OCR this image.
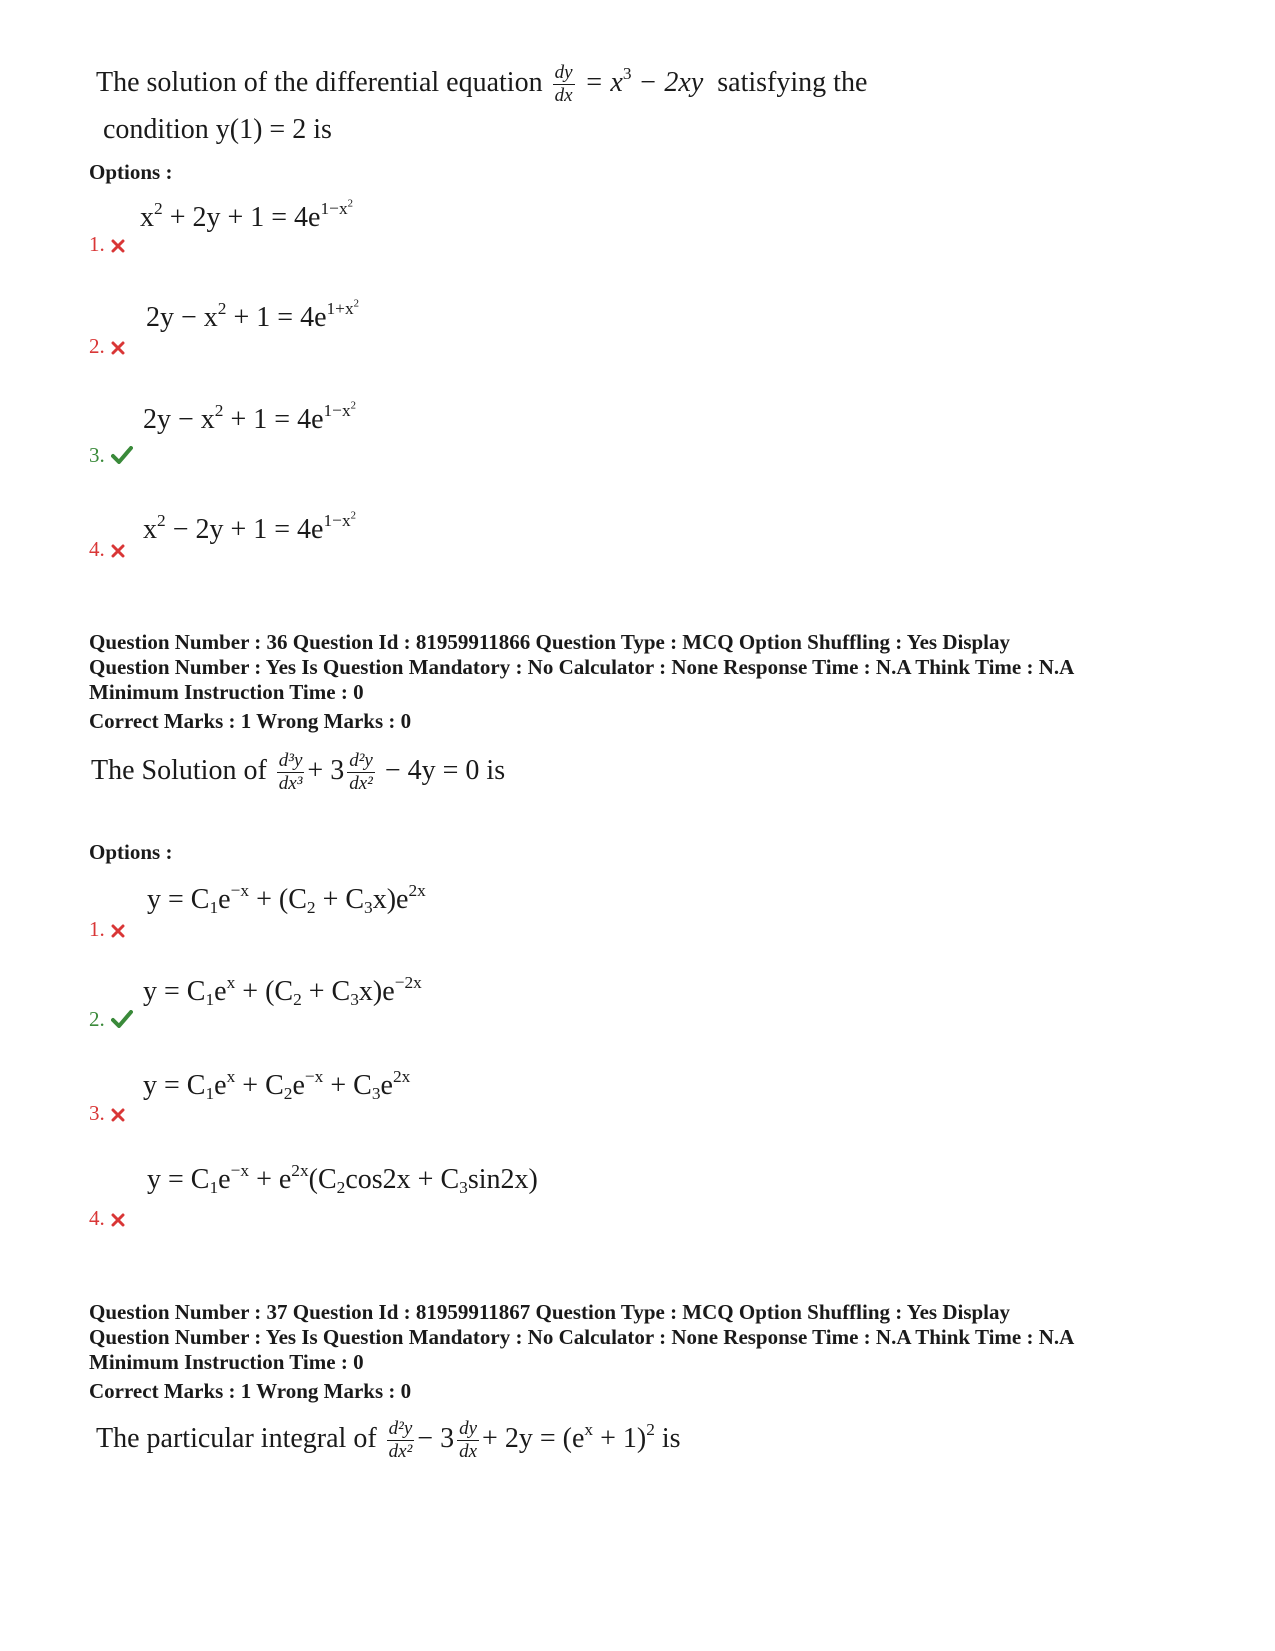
The solution of the differential equation $\frac{dy}{dx} = x^3 - 2xy$ satisfying the
condition y(1) = 2 is
Options :
$x^2 + 2y + 1 = 4e^{1-x^2}$
1.
$2y - x^2 + 1 = 4e^{1+x^2}$
2.
$2y - x^2 + 1 = 4e^{1-x^2}$
3.
$x^2 - 2y + 1 = 4e^{1-x^2}$
4.
Question Number : 36 Question Id : 81959911866 Question Type : MCQ Option Shuffling : Yes Display
Question Number : Yes Is Question Mandatory : No Calculator : None Response Time : N.A Think Time : N.A
Minimum Instruction Time : 0
Correct Marks : 1 Wrong Marks : 0
The Solution of $\frac{\text{d³y}}{\text{dx³}} + 3 \frac{\text{d²y}}{\text{dx²}} - 4y = 0$ is
Options :
$y = C_1e^{-x} + (C_2 + C_3x)e^{2x}$
1.
$y = C_1e^x + (C_2 + C_3x)e^{-2x}$
2.
$y = C_1e^x + C_2e^{-x} + C_3e^{2x}$
3.
$y = C_1e^{-x} + e^{2x}(C_2\cos 2x + C_3\sin 2x)$
4.
Question Number : 37 Question Id : 81959911867 Question Type : MCQ Option Shuffling : Yes Display
Question Number : Yes Is Question Mandatory : No Calculator : None Response Time : N.A Think Time : N.A
Minimum Instruction Time : 0
Correct Marks : 1 Wrong Marks : 0
The particular integral of $\frac{\text{d²y}}{\text{dx²}} - 3 \frac{dy}{dx} + 2y = (e^x + 1)^2$ is
